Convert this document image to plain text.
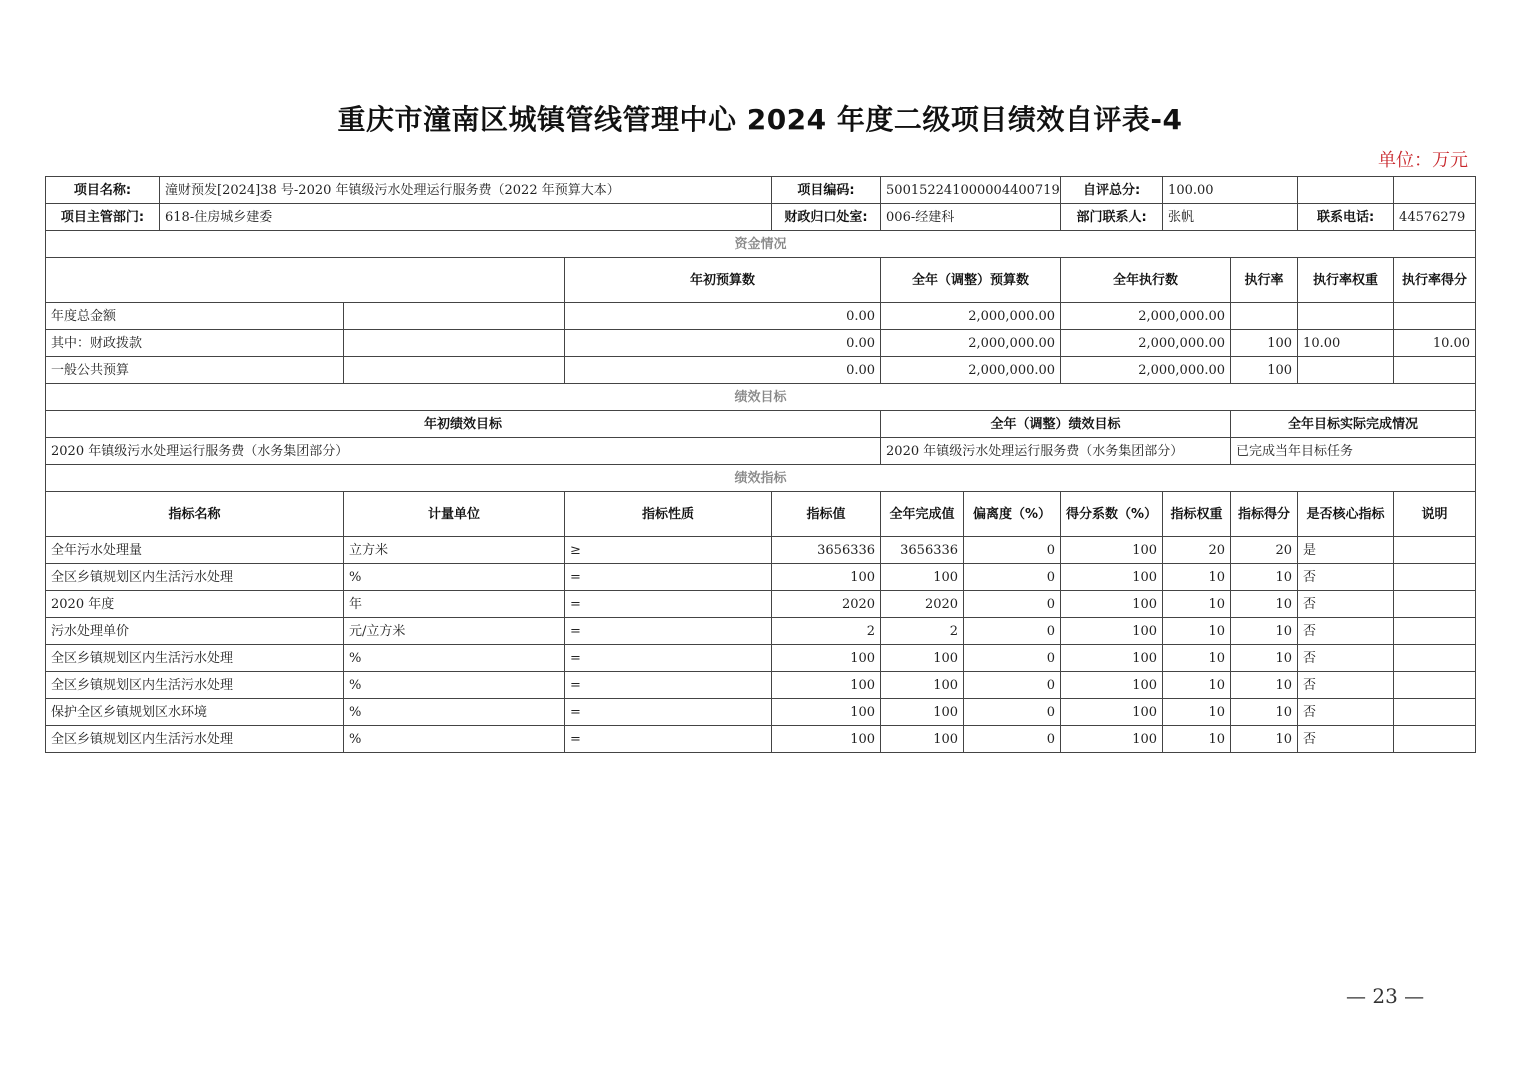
重庆市潼南区城镇管线管理中心 2024 年度二级项目绩效自评表-4
单位：万元
项目名称:	潼财预发[2024]38 号-2020 年镇级污水处理运行服务费（2022 年预算大本）			项目编码:	500152241000004400719		自评总分:	100.00			
项目主管部门:	618-住房城乡建委			财政归口处室:	006-经建科		部门联系人:	张帆		联系电话:	44576279
资金情况											
			年初预算数		全年（调整）预算数		全年执行数		执行率	执行率权重	执行率得分
年度总金额			0.00		2,000,000.00		2,000,000.00				
其中：财政拨款			0.00		2,000,000.00		2,000,000.00		100	10.00	10.00
一般公共预算			0.00		2,000,000.00		2,000,000.00		100		
绩效目标											
年初绩效目标					全年（调整）绩效目标				全年目标实际完成情况		
2020 年镇级污水处理运行服务费（水务集团部分）					2020 年镇级污水处理运行服务费（水务集团部分）				已完成当年目标任务		
绩效指标											
指标名称		计量单位	指标性质	指标值	全年完成值	偏离度（%）	得分系数（%）	指标权重	指标得分	是否核心指标	说明
全年污水处理量		立方米	≥	3656336	3656336	0	100	20	20	是	
全区乡镇规划区内生活污水处理		%	=	100	100	0	100	10	10	否	
2020 年度		年	=	2020	2020	0	100	10	10	否	
污水处理单价		元/立方米	=	2	2	0	100	10	10	否	
全区乡镇规划区内生活污水处理		%	=	100	100	0	100	10	10	否	
全区乡镇规划区内生活污水处理		%	=	100	100	0	100	10	10	否	
保护全区乡镇规划区水环境		%	=	100	100	0	100	10	10	否	
全区乡镇规划区内生活污水处理		%	=	100	100	0	100	10	10	否	
— 23 —
